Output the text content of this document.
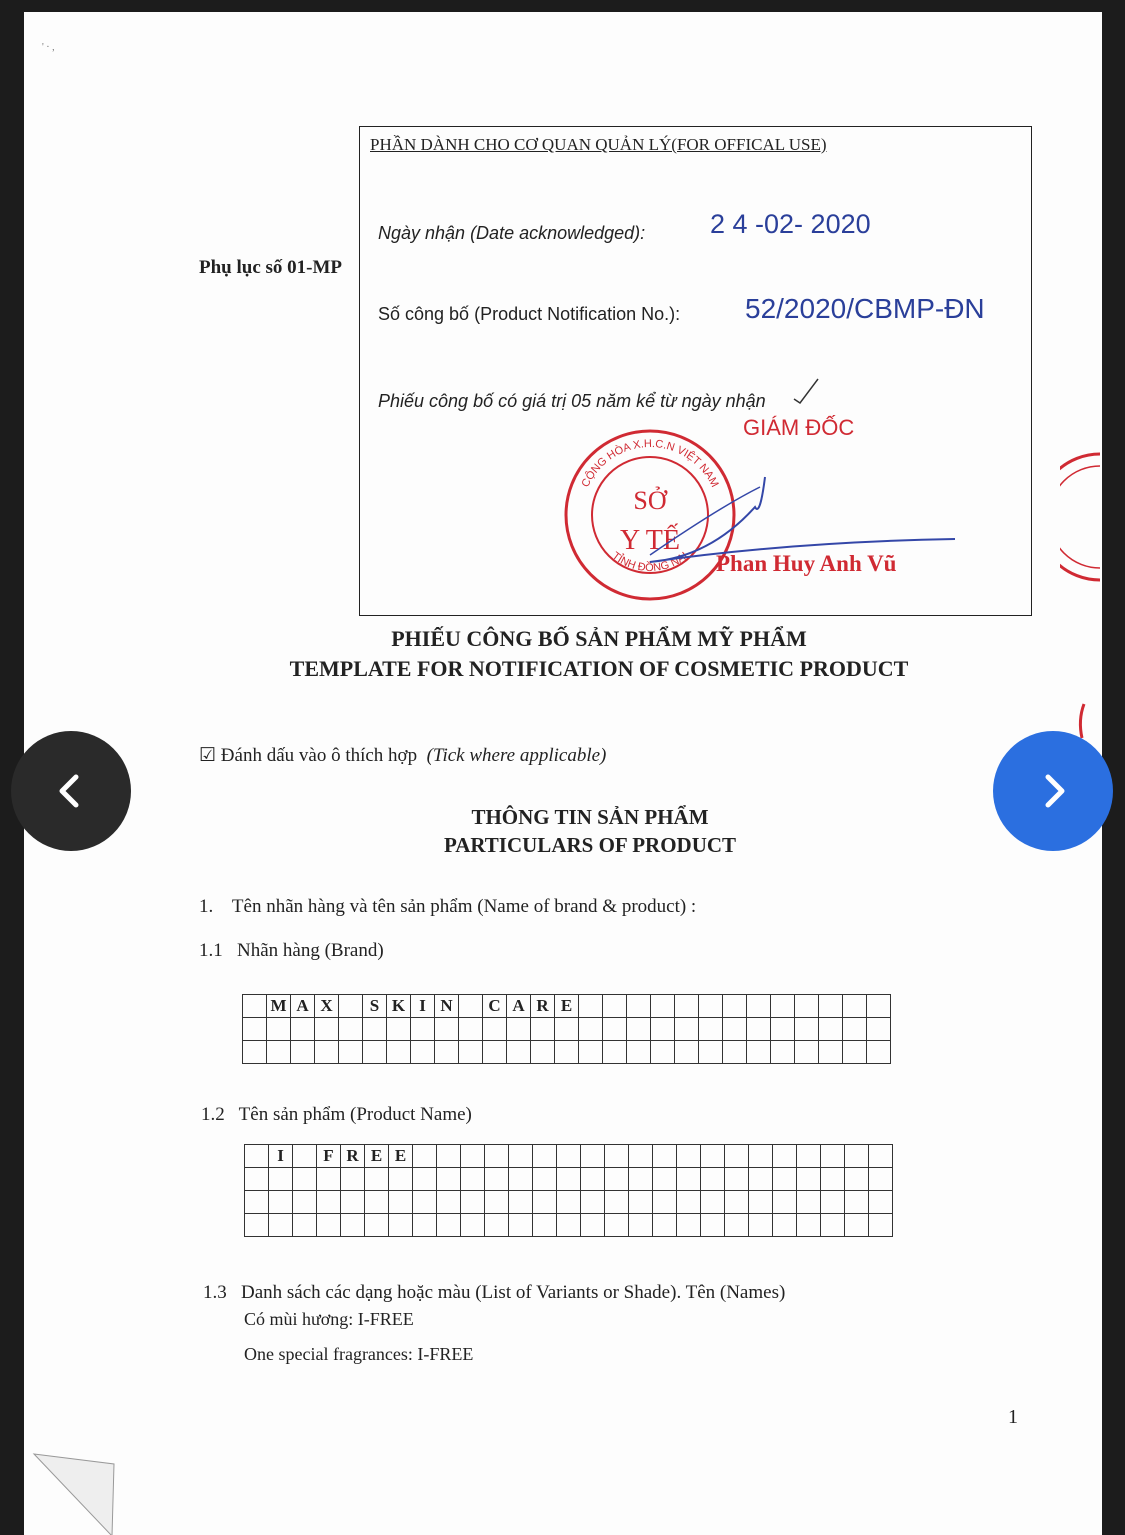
' · ,
Phụ lục số 01-MP
PHẦN DÀNH CHO CƠ QUAN QUẢN LÝ(FOR OFFICAL USE)
Ngày nhận (Date acknowledged): 2 4 -02- 2020
Số công bố (Product Notification No.): 52/2020/CBMP-ĐN
Phiếu công bố có giá trị 05 năm kể từ ngày nhận
GIÁM ĐỐC
CỘNG HÒA X.H.C.N VIỆT NAM
TỈNH ĐỒNG NAI
SỞ
Y TẾ
Phan Huy Anh Vũ
PHIẾU CÔNG BỐ SẢN PHẨM MỸ PHẨM
TEMPLATE FOR NOTIFICATION OF COSMETIC PRODUCT
☑ Đánh dấu vào ô thích hợp (Tick where applicable)
THÔNG TIN SẢN PHẨM
PARTICULARS OF PRODUCT
1. Tên nhãn hàng và tên sản phẩm (Name of brand & product) :
1.1 Nhãn hàng (Brand)
	M	A	X		S	K	I	N		C	A	R	E													

1.2 Tên sản phẩm (Product Name)
	I		F	R	E	E																				

1.3 Danh sách các dạng hoặc màu (List of Variants or Shade). Tên (Names)
Có mùi hương: I-FREE
One special fragrances: I-FREE
1
